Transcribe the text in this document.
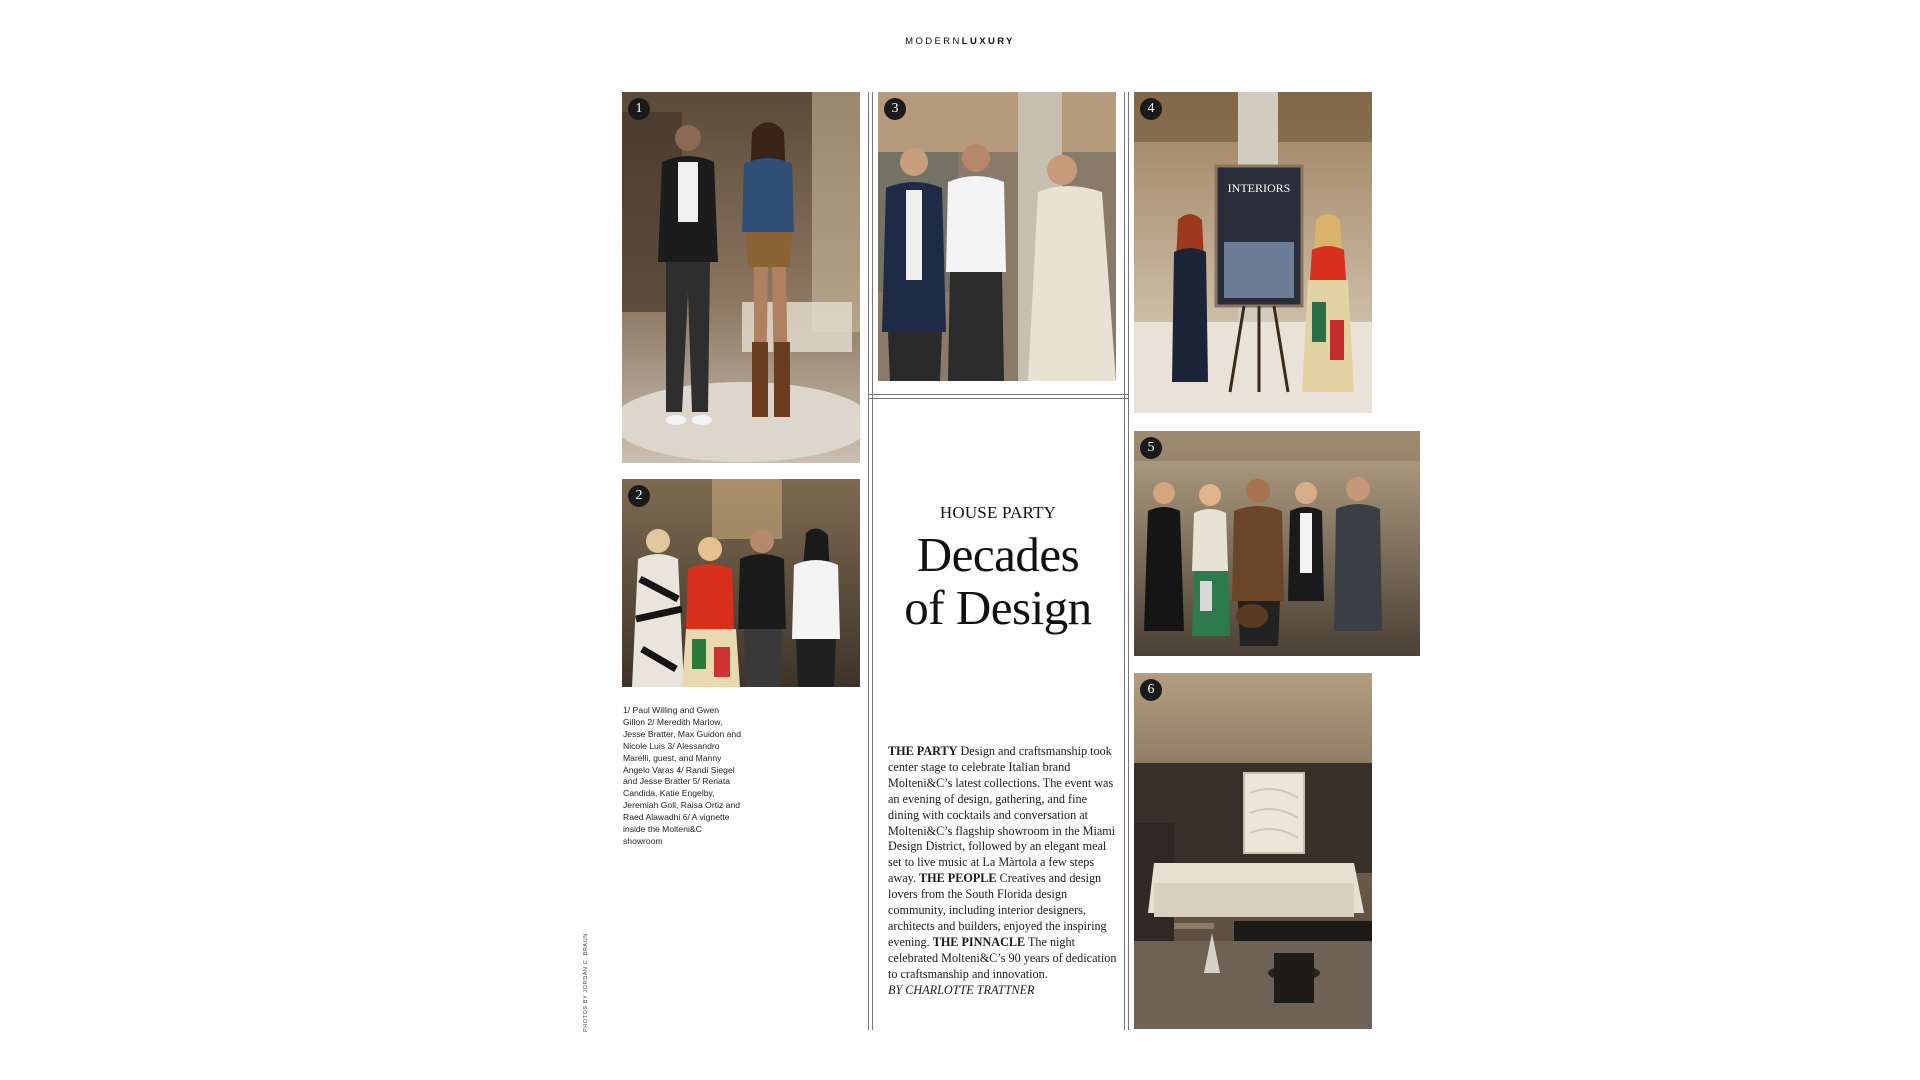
MODERNLUXURY
1
2
3
INTERIORS
4
5
6
HOUSE PARTY
Decades
of Design
THE PARTY Design and craftsmanship took center stage to celebrate Italian brand Molteni&C’s latest collections. The event was an evening of design, gathering, and fine dining with cocktails and conversation at Molteni&C’s flagship showroom in the Miami Design District, followed by an elegant meal set to live music at La Màrtola a few steps away. THE PEOPLE Creatives and design lovers from the South Florida design community, including interior designers, architects and builders, enjoyed the inspiring evening. THE PINNACLE The night celebrated Molteni&C’s 90 years of dedication to craftsmanship and innovation.
BY CHARLOTTE TRATTNER
1/ Paul Willing and Gwen Gillon 2/ Meredith Marlow, Jesse Bratter, Max Guidon and Nicole Luis 3/ Alessandro Marelli, guest, and Manny Angelo Varas 4/ Randi Siegel and Jesse Bratter 5/ Renata Candida, Katie Engelby, Jeremiah Goll, Raisa Ortiz and Raed Alawadhi 6/ A vignette inside the Molteni&C showroom
PHOTOS BY JORDAN C. BRAUN
